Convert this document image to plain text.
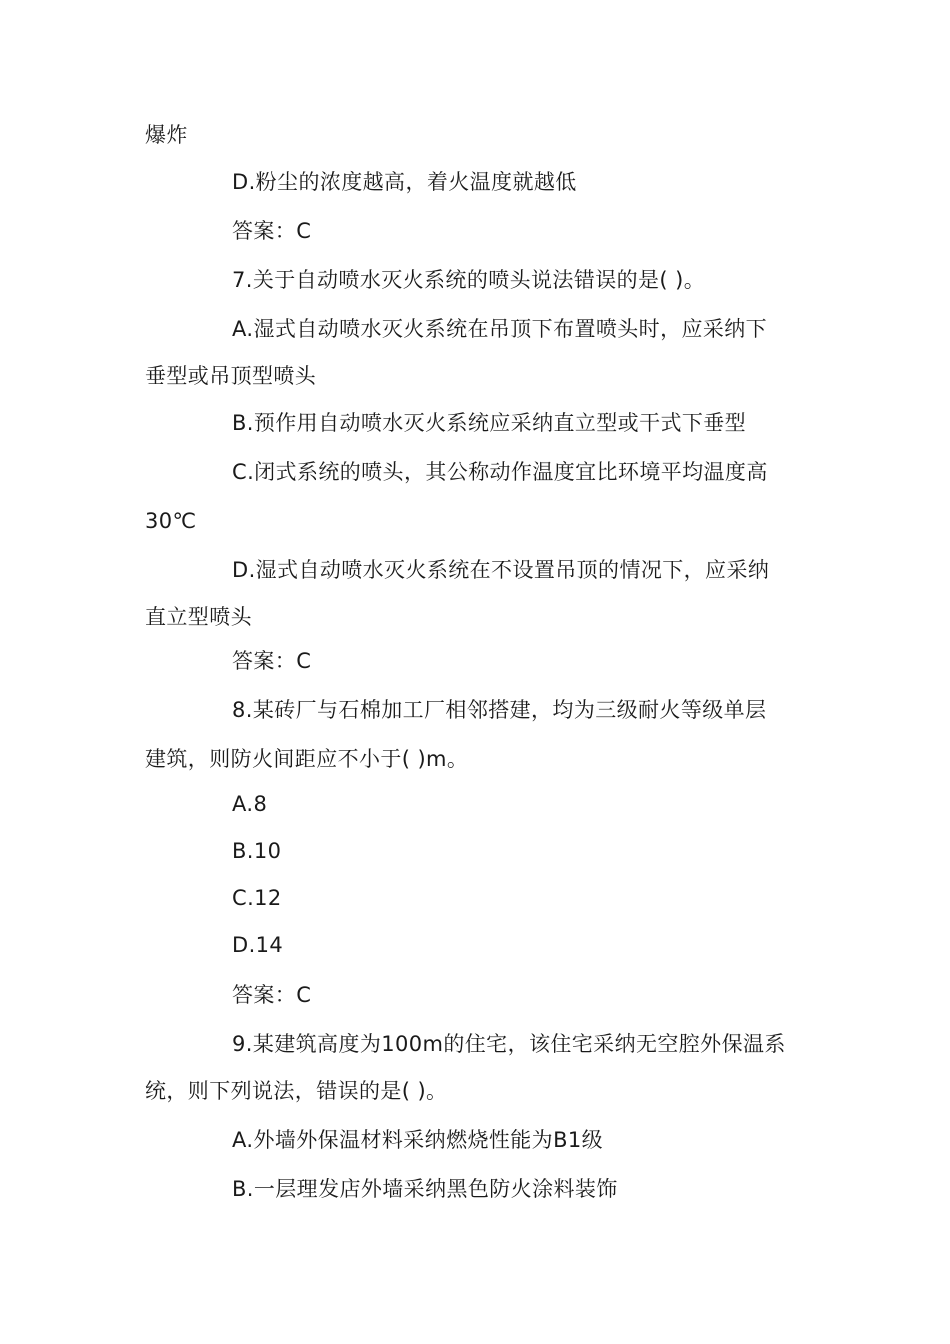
爆炸
D.粉尘的浓度越高，着火温度就越低
答案：C
7.关于自动喷水灭火系统的喷头说法错误的是( )。
A.湿式自动喷水灭火系统在吊顶下布置喷头时，应采纳下
垂型或吊顶型喷头
B.预作用自动喷水灭火系统应采纳直立型或干式下垂型
C.闭式系统的喷头，其公称动作温度宜比环境平均温度高
30℃
D.湿式自动喷水灭火系统在不设置吊顶的情况下，应采纳
直立型喷头
答案：C
8.某砖厂与石棉加工厂相邻搭建，均为三级耐火等级单层
建筑，则防火间距应不小于( )m。
A.8
B.10
C.12
D.14
答案：C
9.某建筑高度为100m的住宅，该住宅采纳无空腔外保温系
统，则下列说法，错误的是( )。
A.外墙外保温材料采纳燃烧性能为B1级
B.一层理发店外墙采纳黑色防火涂料装饰
